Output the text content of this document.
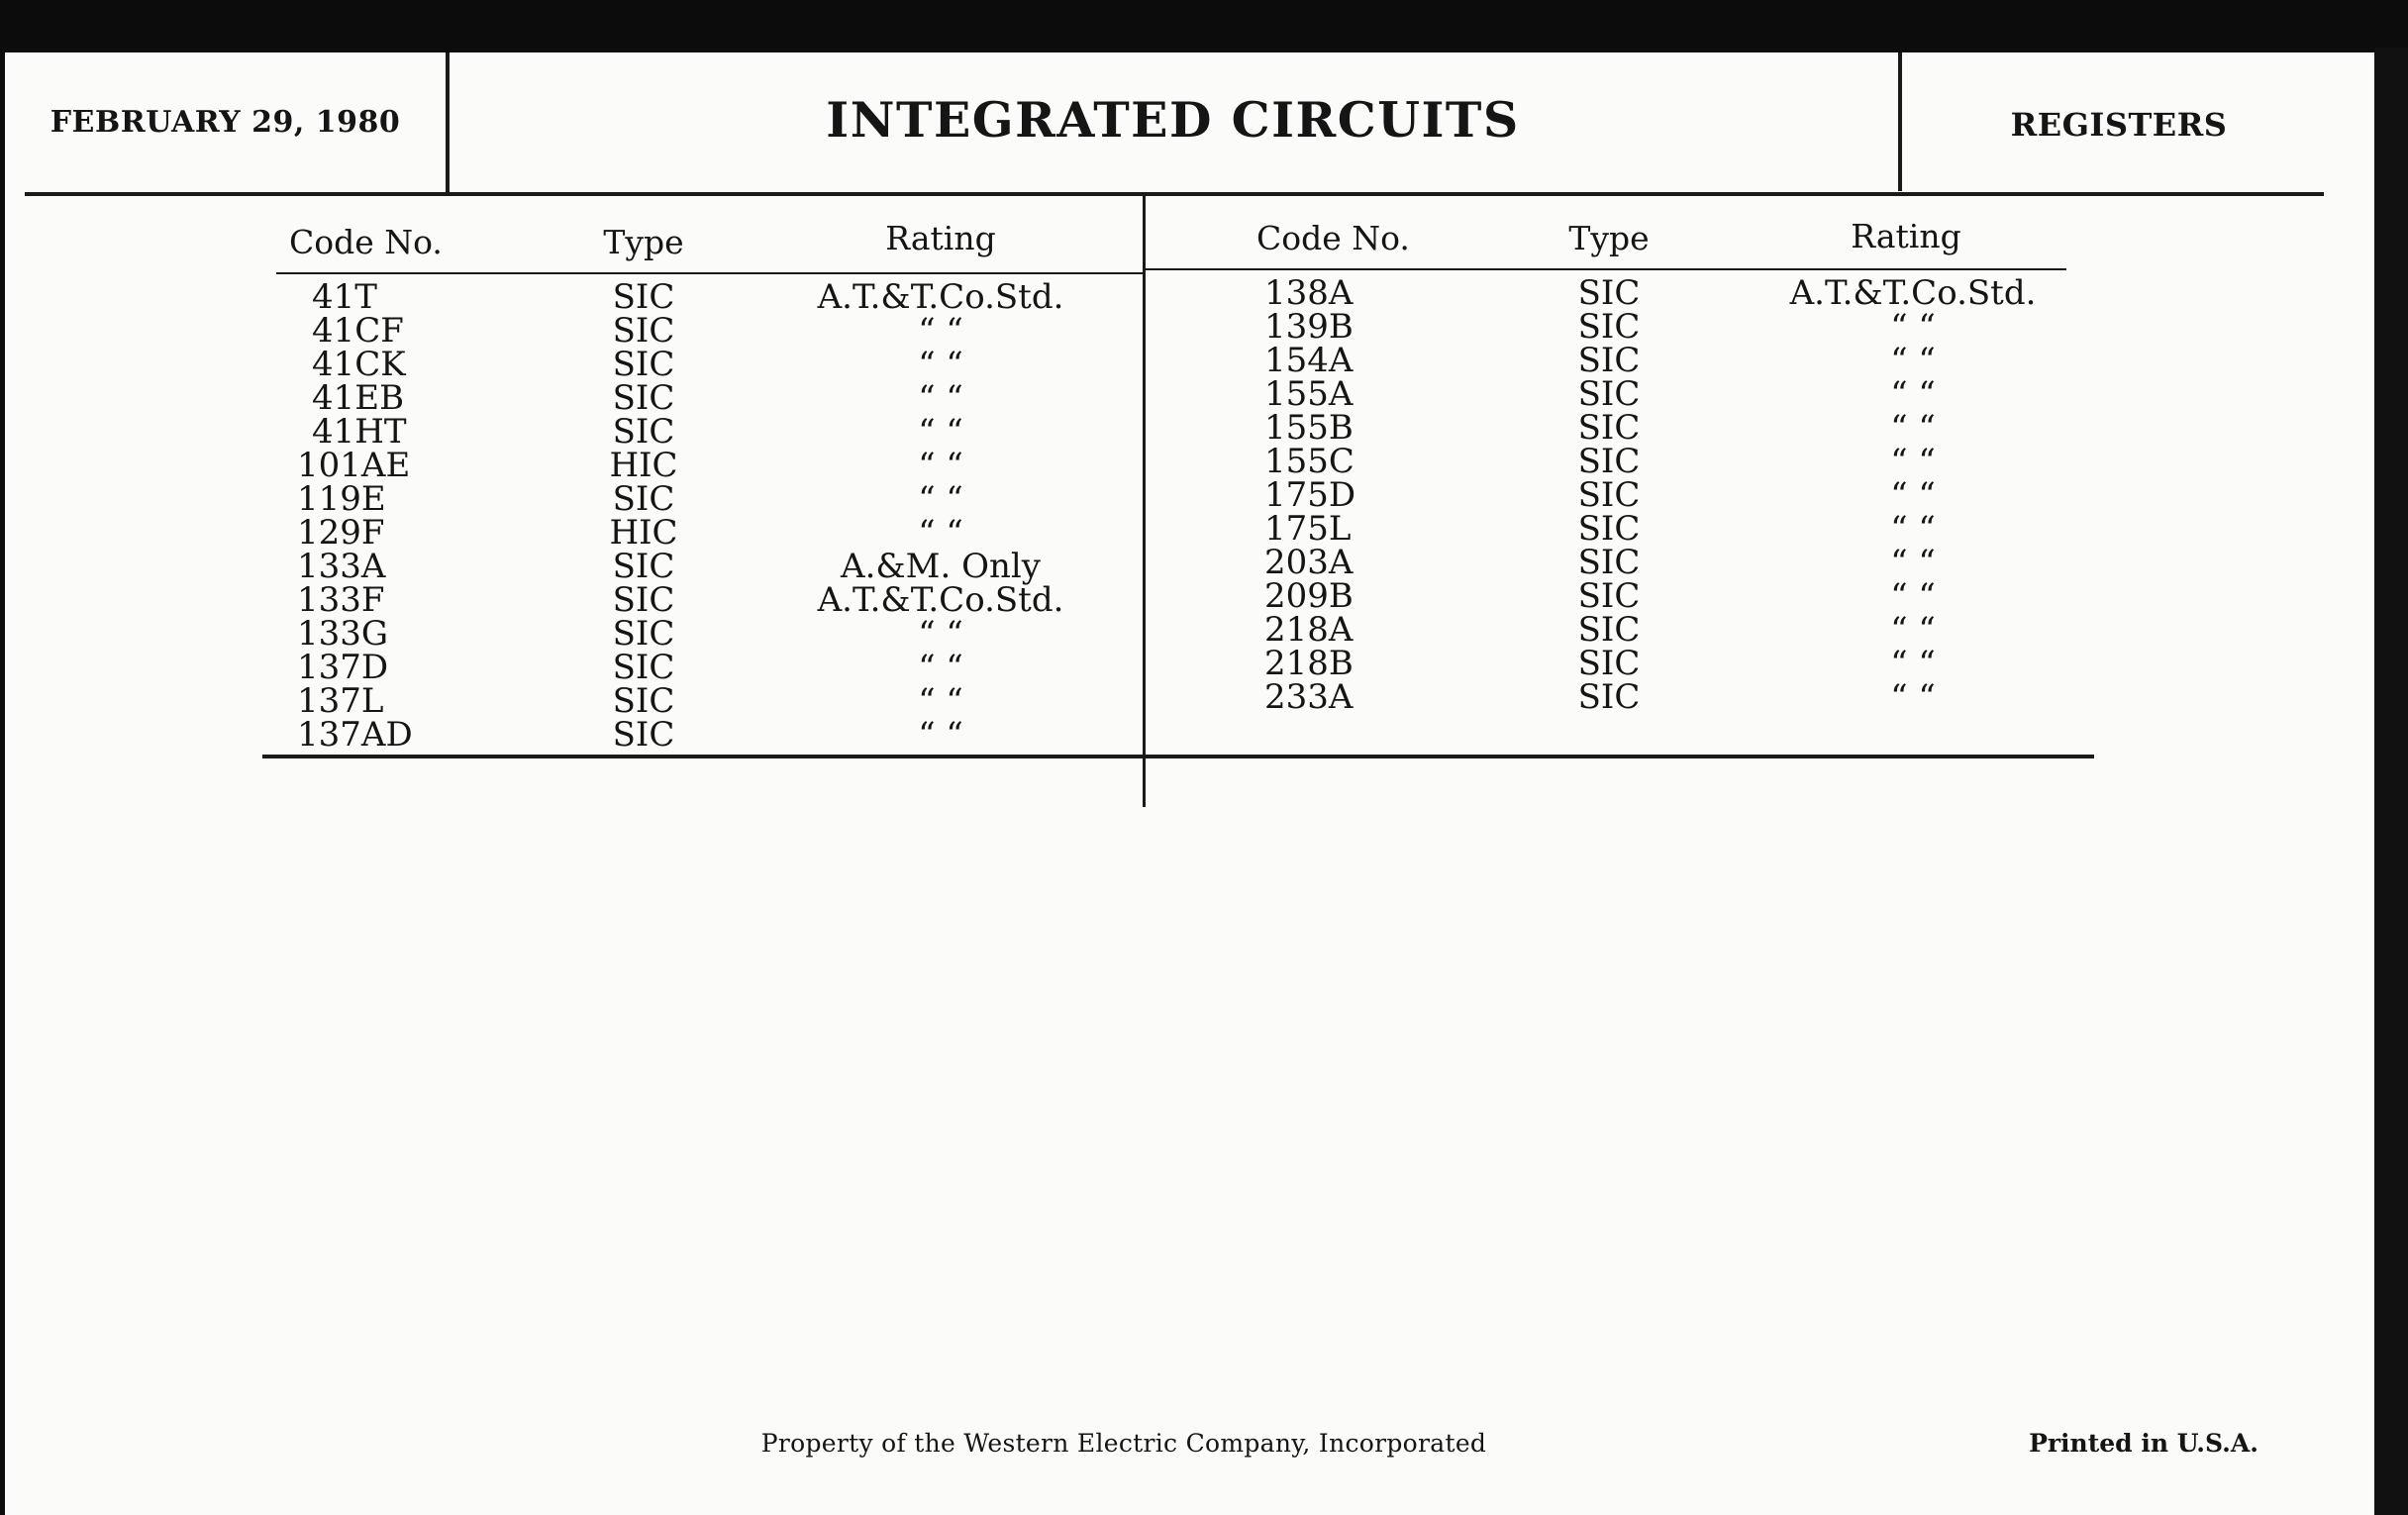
FEBRUARY 29, 1980	INTEGRATED CIRCUITS	REGISTERS
Code No.	Type	Rating	Code No.	Type	Rating
41T	SIC	A.T.&T.Co.Std.
41CF	SIC	“ “
41CK	SIC	“ “
41EB	SIC	“ “
41HT	SIC	“ “
101AE	HIC	“ “
119E	SIC	“ “
129F	HIC	“ “
133A	SIC	A.&M. Only
133F	SIC	A.T.&T.Co.Std.
133G	SIC	“ “
137D	SIC	“ “
137L	SIC	“ “
137AD	SIC	“ “
138A	SIC	A.T.&T.Co.Std.
139B	SIC	“ “
154A	SIC	“ “
155A	SIC	“ “
155B	SIC	“ “
155C	SIC	“ “
175D	SIC	“ “
175L	SIC	“ “
203A	SIC	“ “
209B	SIC	“ “
218A	SIC	“ “
218B	SIC	“ “
233A	SIC	“ “
Property of the Western Electric Company, Incorporated	Printed in U.S.A.
